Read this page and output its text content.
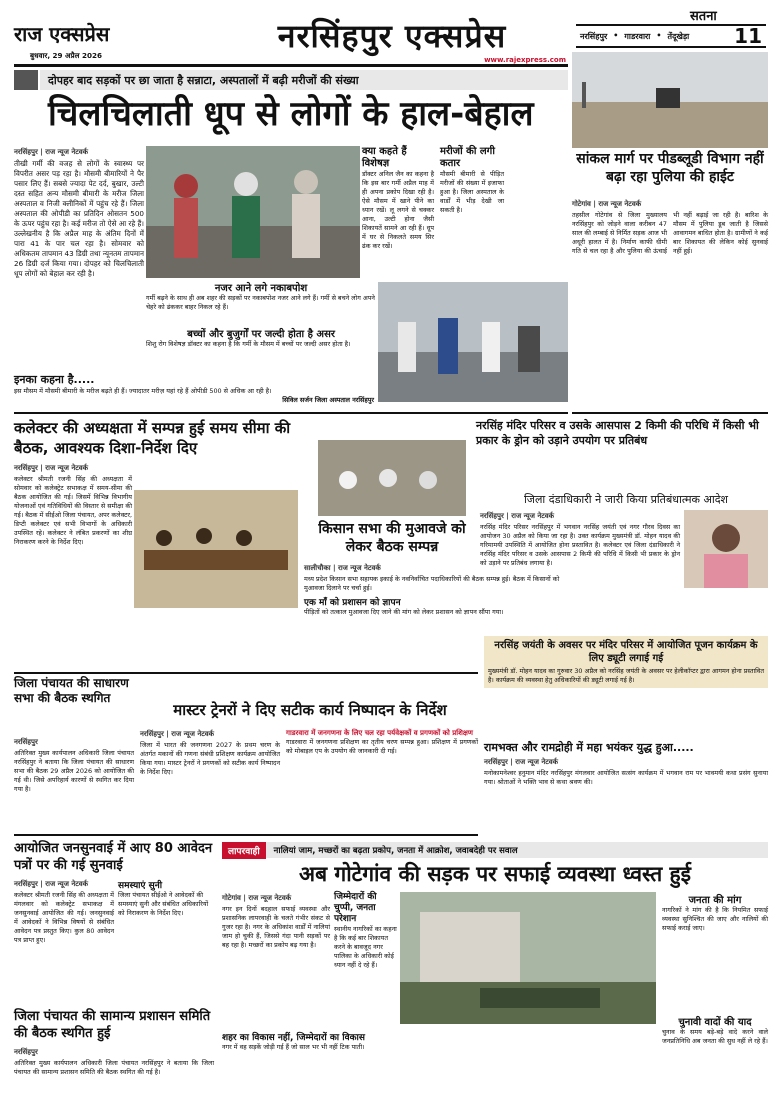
राज एक्सप्रेस
बुधवार, 29 अप्रैल 2026
नरसिंहपुर एक्सप्रेस
www.rajexpress.com
सतना
नरसिंहपुर • गाडरवारा • तेंदूखेड़ा 11
दोपहर बाद सड़कों पर छा जाता है सन्नाटा, अस्पतालों में बढ़ी मरीजों की संख्या
चिलचिलाती धूप से लोगों के हाल-बेहाल
नरसिंहपुर | राज न्यूज नेटवर्क
तीखी गर्मी की वजह से लोगों के स्वास्थ्य पर विपरीत असर पड़ रहा है। मौसमी बीमारियों ने पैर पसार लिए हैं। सबसे ज्यादा पेट दर्द, बुखार, उल्टी दस्त सहित अन्य मौसमी बीमारी के मरीज जिला अस्पताल व निजी क्लीनिकों में पहुंच रहे हैं। जिला अस्पताल की ओपीडी का प्रतिदिन ओसतन 500 के ऊपर पहुंच रहा है। कई मरीज तो ऐसे आ रहे हैं। उल्लेखनीय है कि अप्रैल माह के अंतिम दिनों में पारा 41 के पार चल रहा है। सोमवार को अधिकतम तापमान 43 डिग्री तथा न्यूनतम तापमान 26 डिग्री दर्ज किया गया। दोपहर को चिलचिलाती धूप लोगों को बेहाल कर रही है।
क्या कहते हैं विशेषज्ञ
डॉक्टर अनिल जैन का कहना है कि इस बार गर्मी अप्रैल माह में ही अपना प्रकोप दिखा रही है। ऐसे मौसम में खाने पीने का ध्यान रखें। लू लगने से चक्कर आना, उल्टी होना जैसी शिकायतें सामने आ रही हैं। धूप में घर से निकलते समय सिर ढंक कर रखें।
मरीजों की लगी कतार
मौसमी बीमारी से पीड़ित मरीजों की संख्या में इजाफा हुआ है। जिला अस्पताल के वार्डों में भीड़ देखी जा सकती है।
नजर आने लगे नकाबपोश
गर्मी बढ़ने के साथ ही अब शहर की सड़कों पर नकाबपोश नजर आने लगे हैं। गर्मी से बचने लोग अपने चेहरे को ढंककर बाहर निकल रहे हैं।
बच्चों और बुजुर्गों पर जल्दी होता है असर
शिशु रोग विशेषज्ञ डॉक्टर का कहना है कि गर्मी के मौसम में बच्चों पर जल्दी असर होता है।
इनका कहना है.....
इस मौसम में मौसमी बीमारी के मरीज बढ़ते ही हैं। ज्यादातर मरीज़ यहां रहे हैं ओपीडी 500 से अधिक आ रही है।
सिविल सर्जन जिला अस्पताल नरसिंहपुर
सांकल मार्ग पर पीडब्लूडी विभाग नहीं बढ़ा रहा पुलिया की हाईट
गोटेगांव | राज न्यूज नेटवर्क
तहसील गोटेगांव से जिला मुख्यालय नरसिंहपुर को जोड़ने वाला करीबन 47 साल की लम्बाई से निर्मित सड़क आज भी अधूरी हालत में है। निर्माण काफी धीमी गति से चल रहा है और पुलिया की ऊंचाई भी नहीं बढ़ाई जा रही है। बारिश के मौसम में पुलिया डूब जाती है जिससे आवागमन बाधित होता है। ग्रामीणों ने कई बार शिकायत की लेकिन कोई सुनवाई नहीं हुई।
कलेक्टर की अध्यक्षता में सम्पन्न हुई समय सीमा की बैठक, आवश्यक दिशा-निर्देश दिए
नरसिंहपुर | राज न्यूज नेटवर्क
कलेक्टर श्रीमती रजनी सिंह की अध्यक्षता में सोमवार को कलेक्ट्रेट सभाकक्ष में समय-सीमा की बैठक आयोजित की गई। जिसमें विभिन्न विभागीय योजनाओं एवं गतिविधियों की विस्तार से समीक्षा की गई। बैठक में सीईओ जिला पंचायत, अपर कलेक्टर, डिप्टी कलेक्टर एवं सभी विभागों के अधिकारी उपस्थित रहे। कलेक्टर ने लंबित प्रकरणों का शीघ्र निराकरण करने के निर्देश दिए।
किसान सभा की मुआवजे को लेकर बैठक सम्पन्न
सालीचौका | राज न्यूज नेटवर्क
मध्य प्रदेश किसान सभा सहायक इकाई के नवनिर्वाचित पदाधिकारियों की बैठक सम्पन्न हुई। बैठक में किसानों को मुआवजा दिलाने पर चर्चा हुई।
एक माँ को प्रशासन को ज्ञापन
पीड़ितों को तत्काल मुआवजा दिए जाने की मांग को लेकर प्रशासन को ज्ञापन सौंपा गया।
नरसिंह मंदिर परिसर व उसके आसपास 2 किमी की परिधि में किसी भी प्रकार के ड्रोन को उड़ाने उपयोग पर प्रतिबंध
जिला दंडाधिकारी ने जारी किया प्रतिबंधात्मक आदेश
नरसिंहपुर | राज न्यूज नेटवर्क
नरसिंह मंदिर परिसर नरसिंहपुर में भगवान नरसिंह जयंती एवं नगर गौरव दिवस का आयोजन 30 अप्रैल को किया जा रहा है। उक्त कार्यक्रम मुख्यमंत्री डॉ. मोहन यादव की गरिमामयी उपस्थिति में आयोजित होना प्रस्तावित है। कलेक्टर एवं जिला दंडाधिकारी ने नरसिंह मंदिर परिसर व उसके आसपास 2 किमी की परिधि में किसी भी प्रकार के ड्रोन को उड़ाने पर प्रतिबंध लगाया है।
नरसिंह जयंती के अवसर पर मंदिर परिसर में आयोजित पूजन कार्यक्रम के लिए ड्यूटी लगाई गई
मुख्यमंत्री डॉ. मोहन यादव का गुरुवार 30 अप्रैल को नरसिंह जयंती के अवसर पर हेलीकॉप्टर द्वारा आगमन होना प्रस्तावित है। कार्यक्रम की व्यवस्था हेतु अधिकारियों की ड्यूटी लगाई गई है।
रामभक्त और रामद्रोही में महा भयंकर युद्ध हुआ.....
नरसिंहपुर | राज न्यूज नेटवर्क
मनोकामनेश्वर हनुमान मंदिर नरसिंहपुर मंगलवार आयोजित सत्संग कार्यक्रम में भगवान राम पर भावमयी कथा प्रसंग सुनाया गया। श्रोताओं ने भक्ति भाव से कथा श्रवण की।
जिला पंचायत की साधारण सभा की बैठक स्थगित
नरसिंहपुर
अतिरिक्त मुख्य कार्यपालन अधिकारी जिला पंचायत नरसिंहपुर ने बताया कि जिला पंचायत की साधारण सभा की बैठक 29 अप्रैल 2026 को आयोजित की गई थी। जिसे अपरिहार्य कारणों से स्थगित कर दिया गया है।
मास्टर ट्रेनरों ने दिए सटीक कार्य निष्पादन के निर्देश
नरसिंहपुर | राज न्यूज नेटवर्क
जिला में भारत की जनगणना 2027 के प्रथम चरण के अंतर्गत मकानों की गणना संबंधी प्रशिक्षण कार्यक्रम आयोजित किया गया। मास्टर ट्रेनरों ने प्रगणकों को सटीक कार्य निष्पादन के निर्देश दिए।
गाडरवारा में जनगणना के लिए चल रहा पर्यवेक्षकों व प्रगणकों को प्रशिक्षण
गाडरवारा में जनगणना प्रशिक्षण का तृतीय चरण सम्पन्न हुआ। प्रशिक्षण में प्रगणकों को मोबाइल एप के उपयोग की जानकारी दी गई।
आयोजित जनसुनवाई में आए 80 आवेदन पत्रों पर की गई सुनवाई
नरसिंहपुर | राज न्यूज नेटवर्क
कलेक्टर श्रीमती रजनी सिंह की अध्यक्षता में मंगलवार को कलेक्ट्रेट सभाकक्ष में जनसुनवाई आयोजित की गई। जनसुनवाई में आवेदकों ने विभिन्न विषयों से संबंधित आवेदन पत्र प्रस्तुत किए। कुल 80 आवेदन पत्र प्राप्त हुए।
समस्याएं सुनी
जिला पंचायत सीईओ ने आवेदकों की समस्याएं सुनी और संबंधित अधिकारियों को निराकरण के निर्देश दिए।
जिला पंचायत की सामान्य प्रशासन समिति की बैठक स्थगित हुई
नरसिंहपुर
अतिरिक्त मुख्य कार्यपालन अधिकारी जिला पंचायत नरसिंहपुर ने बताया कि जिला पंचायत की सामान्य प्रशासन समिति की बैठक स्थगित की गई है।
लापरवाही	नालियां जाम, मच्छरों का बढ़ता प्रकोप, जनता में आक्रोश, जवाबदेही पर सवाल
अब गोटेगांव की सड़क पर सफाई व्यवस्था ध्वस्त हुई
गोटेगांव | राज न्यूज नेटवर्क
नगर इन दिनों बदहाल सफाई व्यवस्था और प्रशासनिक लापरवाही के चलते गंभीर संकट से गुजर रहा है। नगर के अधिकांश वार्डों में नालियां जाम हो चुकी हैं, जिससे गंदा पानी सड़कों पर बह रहा है। मच्छरों का प्रकोप बढ़ गया है।
जिम्मेदारों की चुप्पी, जनता परेशान
स्थानीय नागरिकों का कहना है कि कई बार शिकायत करने के बावजूद नगर पालिका के अधिकारी कोई ध्यान नहीं दे रहे हैं।
शहर का विकास नहीं, जिम्मेदारों का विकास
नगर में वह सड़कें जोड़ी गई हैं जो साल भर भी नहीं टिक पाती।
जनता की मांग
नागरिकों ने मांग की है कि नियमित सफाई व्यवस्था सुनिश्चित की जाए और नालियों की सफाई कराई जाए।
चुनावी वादों की याद
चुनाव के समय बड़े-बड़े वादे करने वाले जनप्रतिनिधि अब जनता की सुध नहीं ले रहे हैं।
